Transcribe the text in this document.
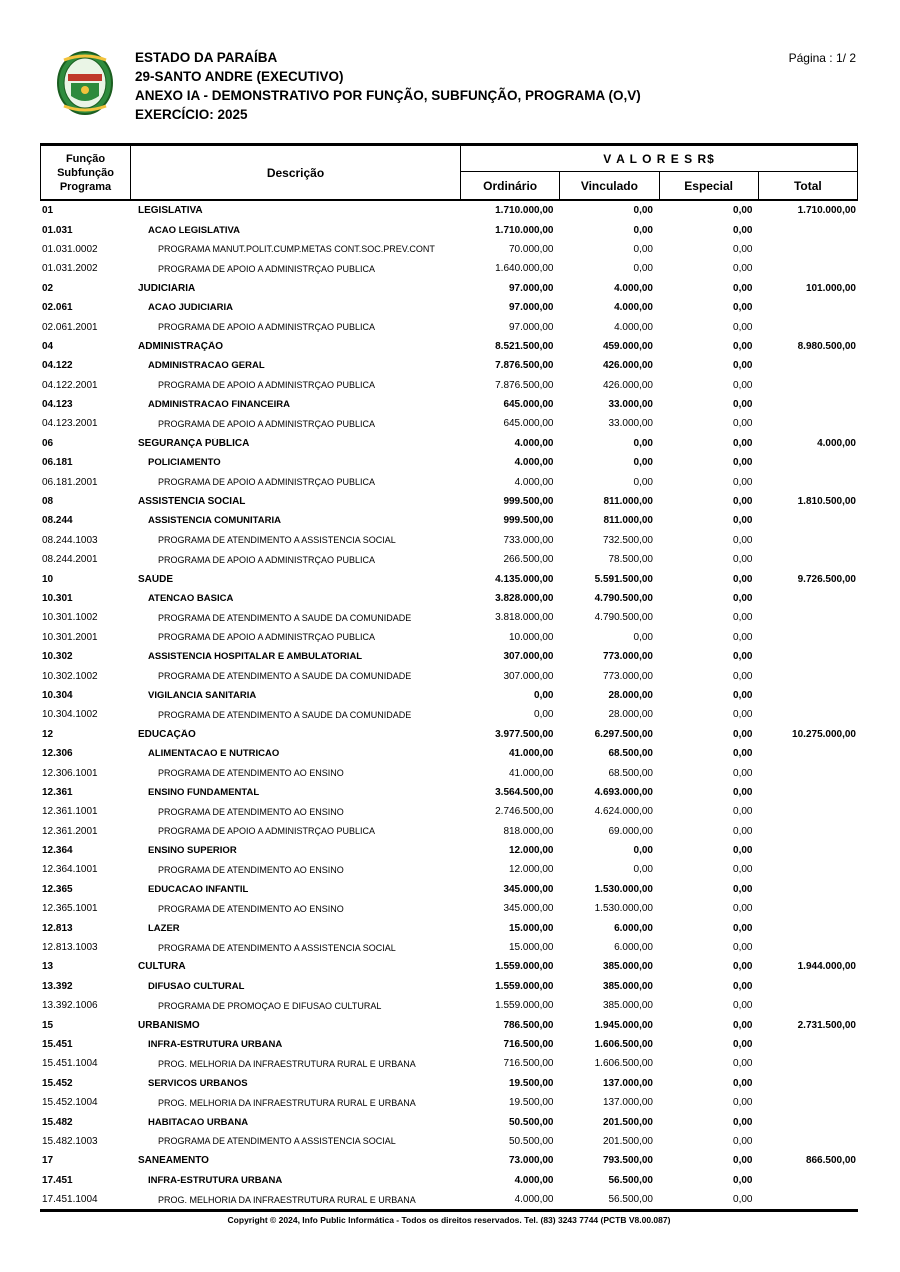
ESTADO DA PARAÍBA
29-SANTO ANDRE (EXECUTIVO)
ANEXO IA - DEMONSTRATIVO POR FUNÇÃO, SUBFUNÇÃO, PROGRAMA (O,V)
EXERCÍCIO: 2025
Página : 1/ 2
Função
Subfunção
Programa
Descrição
V A L O R E S R$
Ordinário	Vinculado	Especial	Total
01	LEGISLATIVA	1.710.000,00	0,00	0,00	1.710.000,00
01.031	ACAO LEGISLATIVA	1.710.000,00	0,00	0,00
01.031.0002	PROGRAMA MANUT.POLIT.CUMP.METAS CONT.SOC.PREV.CONT	70.000,00	0,00	0,00
01.031.2002	PROGRAMA DE APOIO A ADMINISTRÇAO PUBLICA	1.640.000,00	0,00	0,00
02	JUDICIÁRIA	97.000,00	4.000,00	0,00	101.000,00
02.061	ACAO JUDICIARIA	97.000,00	4.000,00	0,00
02.061.2001	PROGRAMA DE APOIO A ADMINISTRÇAO PUBLICA	97.000,00	4.000,00	0,00
04	ADMINISTRAÇÃO	8.521.500,00	459.000,00	0,00	8.980.500,00
04.122	ADMINISTRACAO GERAL	7.876.500,00	426.000,00	0,00
04.122.2001	PROGRAMA DE APOIO A ADMINISTRÇAO PUBLICA	7.876.500,00	426.000,00	0,00
04.123	ADMINISTRACAO FINANCEIRA	645.000,00	33.000,00	0,00
04.123.2001	PROGRAMA DE APOIO A ADMINISTRÇAO PUBLICA	645.000,00	33.000,00	0,00
06	SEGURANÇA PÚBLICA	4.000,00	0,00	0,00	4.000,00
06.181	POLICIAMENTO	4.000,00	0,00	0,00
06.181.2001	PROGRAMA DE APOIO A ADMINISTRÇAO PUBLICA	4.000,00	0,00	0,00
08	ASSISTÊNCIA SOCIAL	999.500,00	811.000,00	0,00	1.810.500,00
08.244	ASSISTENCIA COMUNITARIA	999.500,00	811.000,00	0,00
08.244.1003	PROGRAMA DE ATENDIMENTO A ASSISTENCIA SOCIAL	733.000,00	732.500,00	0,00
08.244.2001	PROGRAMA DE APOIO A ADMINISTRÇAO PUBLICA	266.500,00	78.500,00	0,00
10	SAÚDE	4.135.000,00	5.591.500,00	0,00	9.726.500,00
10.301	ATENCAO BASICA	3.828.000,00	4.790.500,00	0,00
10.301.1002	PROGRAMA DE ATENDIMENTO A SAUDE DA COMUNIDADE	3.818.000,00	4.790.500,00	0,00
10.301.2001	PROGRAMA DE APOIO A ADMINISTRÇAO PUBLICA	10.000,00	0,00	0,00
10.302	ASSISTENCIA HOSPITALAR E AMBULATORIAL	307.000,00	773.000,00	0,00
10.302.1002	PROGRAMA DE ATENDIMENTO A SAUDE DA COMUNIDADE	307.000,00	773.000,00	0,00
10.304	VIGILANCIA SANITARIA	0,00	28.000,00	0,00
10.304.1002	PROGRAMA DE ATENDIMENTO A SAUDE DA COMUNIDADE	0,00	28.000,00	0,00
12	EDUCAÇÃO	3.977.500,00	6.297.500,00	0,00	10.275.000,00
12.306	ALIMENTACAO E NUTRICAO	41.000,00	68.500,00	0,00
12.306.1001	PROGRAMA DE ATENDIMENTO AO ENSINO	41.000,00	68.500,00	0,00
12.361	ENSINO FUNDAMENTAL	3.564.500,00	4.693.000,00	0,00
12.361.1001	PROGRAMA DE ATENDIMENTO AO ENSINO	2.746.500,00	4.624.000,00	0,00
12.361.2001	PROGRAMA DE APOIO A ADMINISTRÇAO PUBLICA	818.000,00	69.000,00	0,00
12.364	ENSINO SUPERIOR	12.000,00	0,00	0,00
12.364.1001	PROGRAMA DE ATENDIMENTO AO ENSINO	12.000,00	0,00	0,00
12.365	EDUCACAO INFANTIL	345.000,00	1.530.000,00	0,00
12.365.1001	PROGRAMA DE ATENDIMENTO AO ENSINO	345.000,00	1.530.000,00	0,00
12.813	LAZER	15.000,00	6.000,00	0,00
12.813.1003	PROGRAMA DE ATENDIMENTO A ASSISTENCIA SOCIAL	15.000,00	6.000,00	0,00
13	CULTURA	1.559.000,00	385.000,00	0,00	1.944.000,00
13.392	DIFUSAO CULTURAL	1.559.000,00	385.000,00	0,00
13.392.1006	PROGRAMA DE PROMOÇAO E DIFUSAO CULTURAL	1.559.000,00	385.000,00	0,00
15	URBANISMO	786.500,00	1.945.000,00	0,00	2.731.500,00
15.451	INFRA-ESTRUTURA URBANA	716.500,00	1.606.500,00	0,00
15.451.1004	PROG. MELHORIA DA INFRAESTRUTURA RURAL E URBANA	716.500,00	1.606.500,00	0,00
15.452	SERVICOS URBANOS	19.500,00	137.000,00	0,00
15.452.1004	PROG. MELHORIA DA INFRAESTRUTURA RURAL E URBANA	19.500,00	137.000,00	0,00
15.482	HABITACAO URBANA	50.500,00	201.500,00	0,00
15.482.1003	PROGRAMA DE ATENDIMENTO A ASSISTENCIA SOCIAL	50.500,00	201.500,00	0,00
17	SANEAMENTO	73.000,00	793.500,00	0,00	866.500,00
17.451	INFRA-ESTRUTURA URBANA	4.000,00	56.500,00	0,00
17.451.1004	PROG. MELHORIA DA INFRAESTRUTURA RURAL E URBANA	4.000,00	56.500,00	0,00
Copyright © 2024, Info Public Informática - Todos os direitos reservados. Tel. (83) 3243 7744 (PCTB V8.00.087)
